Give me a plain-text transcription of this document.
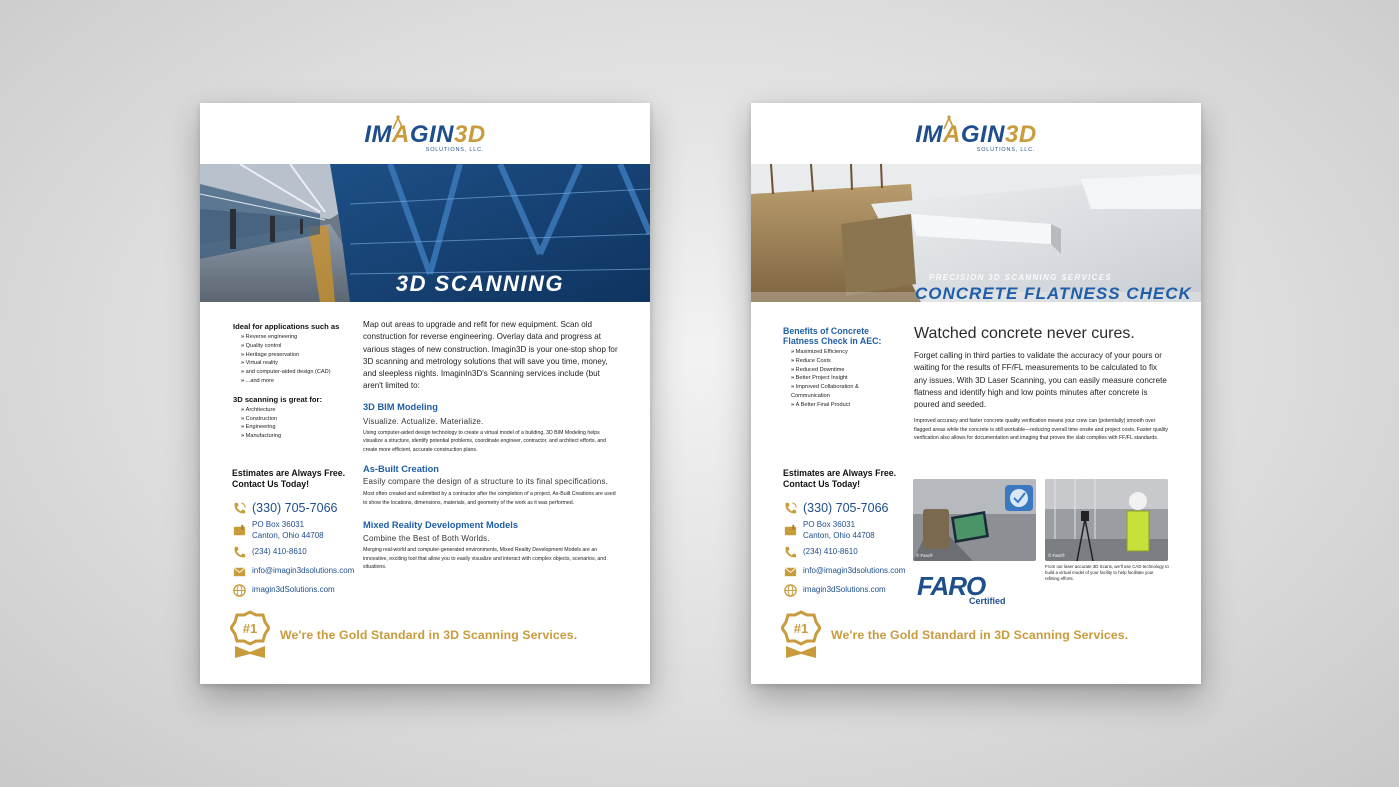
IMAGIN3D
SOLUTIONS, LLC.
3D SCANNING
Ideal for applications such as
» Reverse engineering
» Quality control
» Heritage preservation
» Virtual reality
» and computer-aided design (CAD)
» ...and more
3D scanning is great for:
» Architecture
» Construction
» Engineering
» Manufacturing
Estimates are Always Free. Contact Us Today!
(330) 705-7066
PO Box 36031
Canton, Ohio 44708
(234) 410-8610
info@imagin3dsolutions.com
imagin3dSolutions.com
Map out areas to upgrade and refit for new equipment. Scan old construction for reverse engineering. Overlay data and progress at various stages of new construction. Imagin3D is your one-stop shop for 3D scanning and metrology solutions that will save you time, money, and sleepless nights. ImaginIn3D's Scanning services include (but aren't limited to:
3D BIM Modeling
Visualize. Actualize. Materialize.
Using computer-aided design technology to create a virtual model of a building, 3D BIM Modeling helps visualize a structure, identify potential problems, coordinate engineer, contractor, and architect efforts, and create more efficient, accurate construction plans.
As-Built Creation
Easily compare the design of a structure to its final specifications.
Most often created and submitted by a contractor after the completion of a project, As-Built Creations are used to show the locations, dimensions, materials, and geometry of the work as it was performed.
Mixed Reality Development Models
Combine the Best of Both Worlds.
Merging real-world and computer-generated environments, Mixed Reality Development Models are an innovative, exciting tool that allow you to easily visualize and interact with complex objects, scenarios, and situations.
#1 We're the Gold Standard in 3D Scanning Services.
IMAGIN3D
SOLUTIONS, LLC.
PRECISION 3D SCANNING SERVICES
CONCRETE FLATNESS CHECK
Benefits of Concrete Flatness Check in AEC:
» Maximized Efficiency
» Reduce Costs
» Reduced Downtime
» Better Project Insight
» Improved Collaboration & Communication
» A Better Final Product
Watched concrete never cures.
Forget calling in third parties to validate the accuracy of your pours or waiting for the results of FF/FL measurements to be calculated to fix any issues. With 3D Laser Scanning, you can easily measure concrete flatness and identify high and low points minutes after concrete is poured and seeded.
Improved accuracy and faster concrete quality verification means your crew can (potentially) smooth over flagged areas while the concrete is still workable—reducing overall time onsite and project costs. Faster quality verification also allows for documentation and imaging that proves the slab complies with FF/FL standards.
Estimates are Always Free. Contact Us Today!
(330) 705-7066
PO Box 36031
Canton, Ohio 44708
(234) 410-8610
info@imagin3dsolutions.com
imagin3dSolutions.com
© Faro®	© Faro®
From our laser accurate 3D Scans, we'll use CAD technology to build a virtual model of your facility to help facilitate your refitting efforts.
FARO
Certified
#1 We're the Gold Standard in 3D Scanning Services.
